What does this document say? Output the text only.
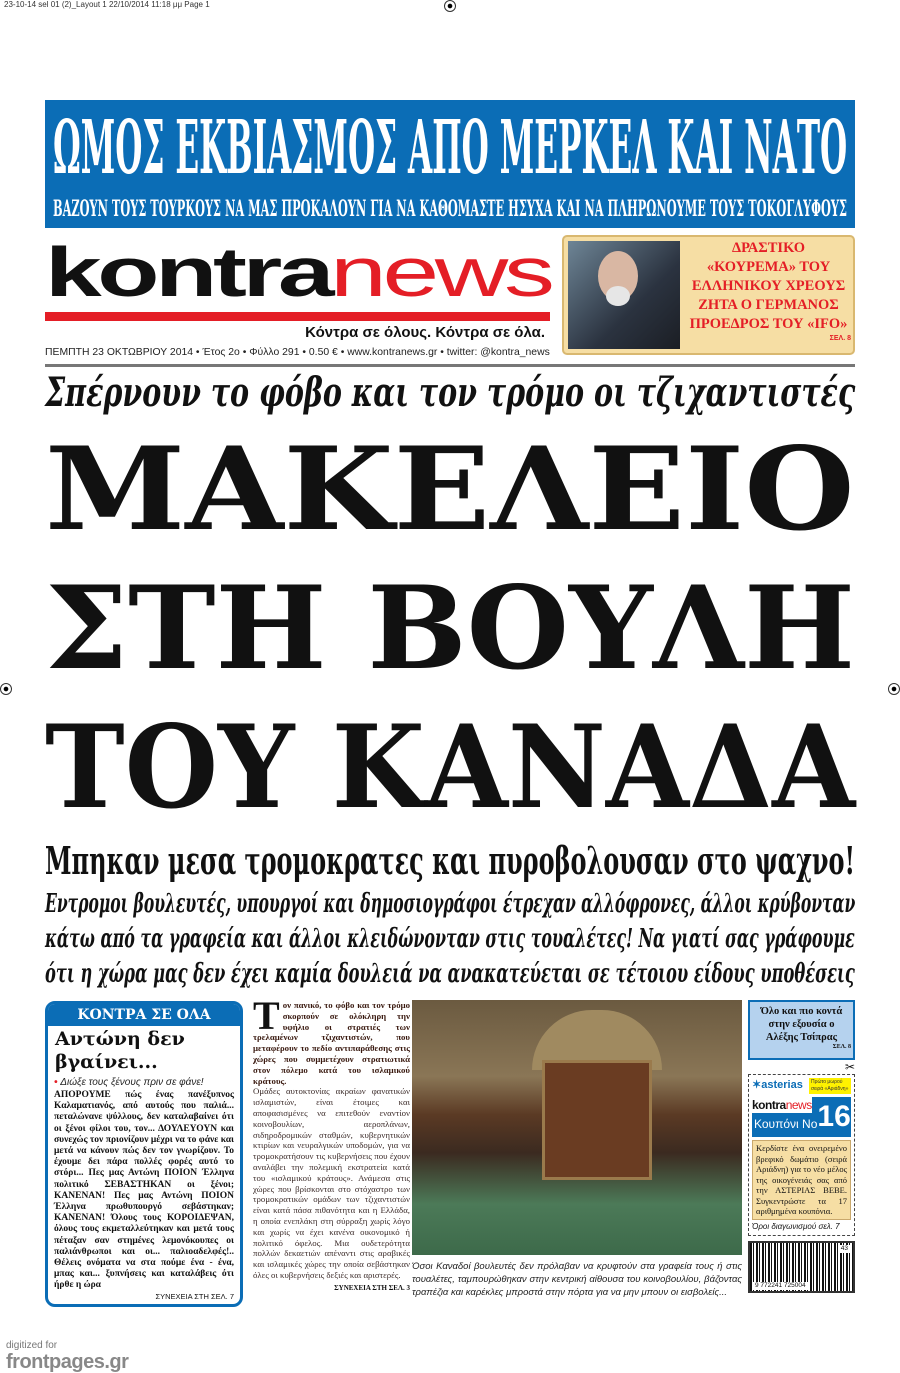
23-10-14 sel 01 (2)_Layout 1 22/10/2014 11:18 μμ Page 1
ΩΜΟΣ ΕΚΒΙΑΣΜΟΣ ΑΠΟ ΜΕΡΚΕΛ ΚΑΙ ΝΑΤΟ
ΒΑΖΟΥΝ ΤΟΥΣ ΤΟΥΡΚΟΥΣ ΝΑ ΜΑΣ ΠΡΟΚΑΛΟΥΝ ΓΙΑ ΝΑ ΚΑΘΟΜΑΣΤΕ ΗΣΥΧΑ ΚΑΙ ΝΑ ΠΛΗΡΩΝΟΥΜΕ ΤΟΥΣ ΤΟΚΟΓΛΥΦΟΥΣ
kontranews
Κόντρα σε όλους. Κόντρα σε όλα.
ΠΕΜΠΤΗ 23 ΟΚΤΩΒΡΙΟΥ 2014 • Έτος 2ο • Φύλλο 291 • 0.50 € • www.kontranews.gr • twitter: @kontra_news
ΔΡΑΣΤΙΚΟ «ΚΟΥΡΕΜΑ» ΤΟΥ ΕΛΛΗΝΙΚΟΥ ΧΡΕΟΥΣ ΖΗΤΑ Ο ΓΕΡΜΑΝΟΣ ΠΡΟΕΔΡΟΣ ΤΟΥ «IFO»
ΣΕΛ. 8
Σπέρνουν το φόβο και τον τρόμο οι τζιχαντιστές
ΜΑΚΕΛΕΙΟ
ΣΤΗ ΒΟΥΛΗ
ΤΟΥ ΚΑΝΑΔΑ
Μπηκαν μεσα τρομοκρατες και πυροβολουσαν στο ψαχνο!
Εντρομοι βουλευτές, υπουργοί και δημοσιογράφοι έτρεχαν αλλόφρονες, άλλοι κρύβονταν
κάτω από τα γραφεία και άλλοι κλειδώνονταν στις τουαλέτες! Να γιατί σας γράφουμε
ότι η χώρα μας δεν έχει καμία δουλειά να ανακατεύεται σε τέτοιου είδους υποθέσεις
ΚΟΝΤΡΑ ΣΕ ΟΛΑ
Αντώνη δεν βγαίνει...
• Διώξε τους ξένους πριν σε φάνε!
ΑΠΟΡΟΥΜΕ πώς ένας πανέξυπνος Καλαματιανός, από αυτούς που παλιά... πεταλώνανε ψύλλους, δεν καταλαβαίνει ότι οι ξένοι φίλοι του, τον... ΔΟΥΛΕΥΟΥΝ και συνεχώς τον πριονίζουν μέχρι να το φάνε και μετά να κάνουν πώς δεν τον γνωρίζουν. Το έχουμε δει πάρα πολλές φορές αυτό το στόρι... Πες μας Αντώνη ΠΟΙΟΝ Έλληνα πολιτικό ΣΕΒΑΣΤΗΚΑΝ οι ξένοι; ΚΑΝΕΝΑΝ! Πες μας Αντώνη ΠΟΙΟΝ Έλληνα πρωθυπουργό σεβάστηκαν; ΚΑΝΕΝΑΝ! Όλους τους ΚΟΡΟΙΔΕΨΑΝ, όλους τους εκμεταλλεύτηκαν και μετά τους πέταξαν σαν στημένες λεμονόκουπες οι παλιάνθρωποι και οι... παλιοαδελφές!.. Θέλεις ονόματα να στα πούμε ένα - ένα, μπας και... ξυπνήσεις και καταλάβεις ότι ήρθε η ώρα
ΣΥΝΕΧΕΙΑ ΣΤΗ ΣΕΛ. 7
Τ ον πανικό, το φόβο και τον τρόμο σκορπούν σε ολόκληρη την υφήλιο οι στρατιές των τρελαμένων τζιχαντιστών, που μεταφέρουν το πεδίο αντιπαράθεσης στις χώρες που συμμετέχουν στρατιωτικά στον πόλεμο κατά του ισλαμικού κράτους.
Ομάδες αυτοκτονίας ακραίων φανατικών ισλαμιστών, είναι έτοιμες και αποφασισμένες να επιτεθούν εναντίον κοινοβουλίων, αεροπλάνων, σιδηροδρομικών σταθμών, κυβερνητικών κτιρίων και νευραλγικών υποδομών, για να τρομοκρατήσουν τις κυβερνήσεις που έχουν αναλάβει την πολεμική εκστρατεία κατά του «ισλαμικού κράτους». Ανάμεσα στις χώρες που βρίσκονται στο στόχαστρο των τρομοκρατικών ομάδων των τζιχαντιστών είναι κατά πάσα πιθανότητα και η Ελλάδα, η οποία ενεπλάκη στη σύρραξη χωρίς λόγο και χωρίς να έχει κανένα οικονομικό ή πολιτικό όφελος. Μια ουδετερότητα πολλών δεκαετιών απέναντι στις αραβικές και ισλαμικές χώρες την οποία σεβάστηκαν όλες οι κυβερνήσεις δεξιές και αριστερές.
ΣΥΝΕΧΕΙΑ ΣΤΗ ΣΕΛ. 3
Όσοι Καναδοί βουλευτές δεν πρόλαβαν να κρυφτούν στα γραφεία τους ή στις τουαλέτες, ταμπουρώθηκαν στην κεντρική αίθουσα του κοινοβουλίου, βάζοντας τραπέζια και καρέκλες μπροστά στην πόρτα για να μην μπουν οι εισβολείς...
Όλο και πιο κοντά στην εξουσία ο Αλέξης Τσίπρας
ΣΕΛ. 8
✂
✶asterias	Πρώτο μωρού σειρά «Αριάδνη»
kontranews
Κουπόνι Νο 16
Κερδίστε ένα ονειρεμένο βρεφικό δωμάτιο (σειρά Αριάδνη) για το νέο μέλος της οικογένειάς σας από την ΑΣΤΕΡΙΑΣ ΒΕΒΕ. Συγκεντρώστε τα 17 αριθμημένα κουπόνια.
Όροι διαγωνισμού σελ. 7
9 772241 725004
43
digitized for
frontpages.gr
